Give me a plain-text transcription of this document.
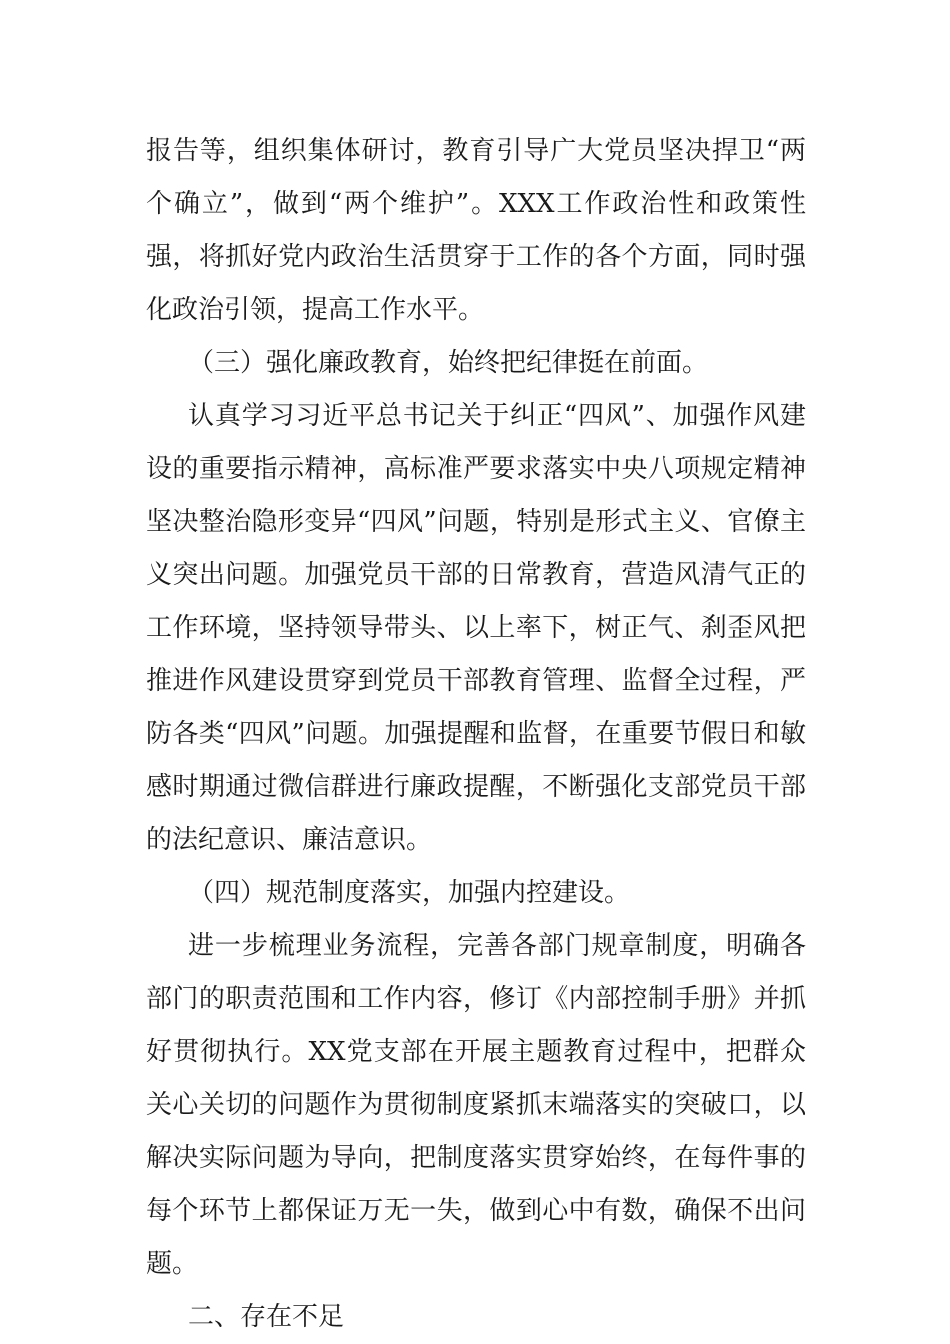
报告等，组织集体研讨，教育引导广大党员坚决捍卫“两个确立”，做到“两个维护”。XXX工作政治性和政策性强，将抓好党内政治生活贯穿于工作的各个方面，同时强化政治引领，提高工作水平。

（三）强化廉政教育，始终把纪律挺在前面。

认真学习习近平总书记关于纠正“四风”、加强作风建设的重要指示精神，高标准严要求落实中央八项规定精神坚决整治隐形变异“四风”问题，特别是形式主义、官僚主义突出问题。加强党员干部的日常教育，营造风清气正的工作环境，坚持领导带头、以上率下，树正气、刹歪风把推进作风建设贯穿到党员干部教育管理、监督全过程，严防各类“四风”问题。加强提醒和监督，在重要节假日和敏感时期通过微信群进行廉政提醒，不断强化支部党员干部的法纪意识、廉洁意识。

（四）规范制度落实，加强内控建设。

进一步梳理业务流程，完善各部门规章制度，明确各部门的职责范围和工作内容，修订《内部控制手册》并抓好贯彻执行。XX党支部在开展主题教育过程中，把群众关心关切的问题作为贯彻制度紧抓末端落实的突破口，以解决实际问题为导向，把制度落实贯穿始终，在每件事的每个环节上都保证万无一失，做到心中有数，确保不出问题。

二、存在不足
